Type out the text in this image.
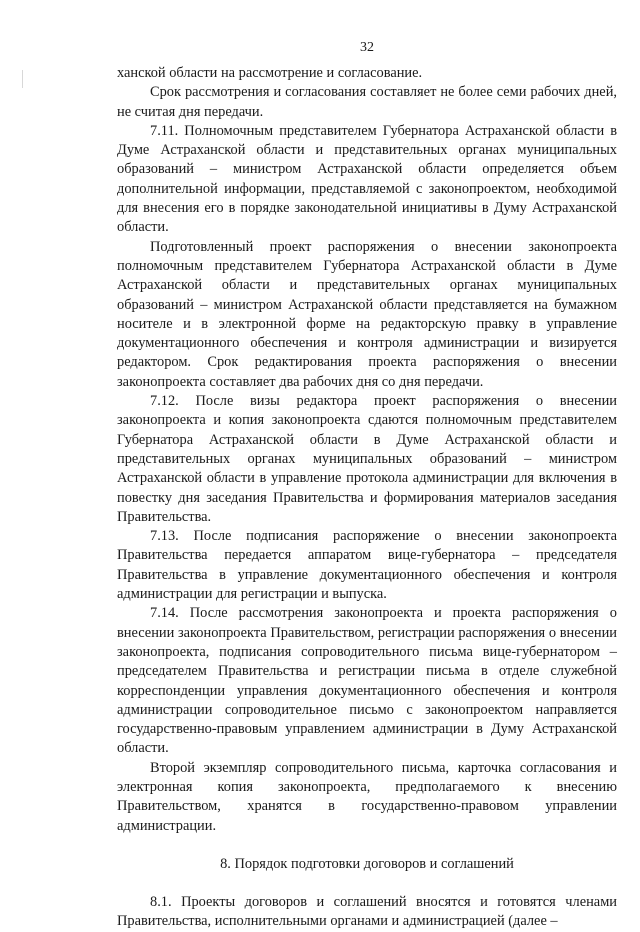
32

ханской области на рассмотрение и согласование.

Срок рассмотрения и согласования составляет не более семи рабочих дней, не считая дня передачи.

7.11. Полномочным представителем Губернатора Астраханской области в Думе Астраханской области и представительных органах муниципальных образований – министром Астраханской области определяется объем дополнительной информации, представляемой с законопроектом, необходимой для внесения его в порядке законодательной инициативы в Думу Астраханской области.

Подготовленный проект распоряжения о внесении законопроекта полномочным представителем Губернатора Астраханской области в Думе Астраханской области и представительных органах муниципальных образований – министром Астраханской области представляется на бумажном носителе и в электронной форме на редакторскую правку в управление документационного обеспечения и контроля администрации и визируется редактором. Срок редактирования проекта распоряжения о внесении законопроекта составляет два рабочих дня со дня передачи.

7.12. После визы редактора проект распоряжения о внесении законопроекта и копия законопроекта сдаются полномочным представителем Губернатора Астраханской области в Думе Астраханской области и представительных органах муниципальных образований – министром Астраханской области в управление протокола администрации для включения в повестку дня заседания Правительства и формирования материалов заседания Правительства.

7.13. После подписания распоряжение о внесении законопроекта Правительства передается аппаратом вице-губернатора – председателя Правительства в управление документационного обеспечения и контроля администрации для регистрации и выпуска.

7.14. После рассмотрения законопроекта и проекта распоряжения о внесении законопроекта Правительством, регистрации распоряжения о внесении законопроекта, подписания сопроводительного письма вице-губернатором – председателем Правительства и регистрации письма в отделе служебной корреспонденции управления документационного обеспечения и контроля администрации сопроводительное письмо с законопроектом направляется государственно-правовым управлением администрации в Думу Астраханской области.

Второй экземпляр сопроводительного письма, карточка согласования и электронная копия законопроекта, предполагаемого к внесению Правительством, хранятся в государственно-правовом управлении администрации.

8. Порядок подготовки договоров и соглашений

8.1. Проекты договоров и соглашений вносятся и готовятся членами Правительства, исполнительными органами и администрацией (далее –
